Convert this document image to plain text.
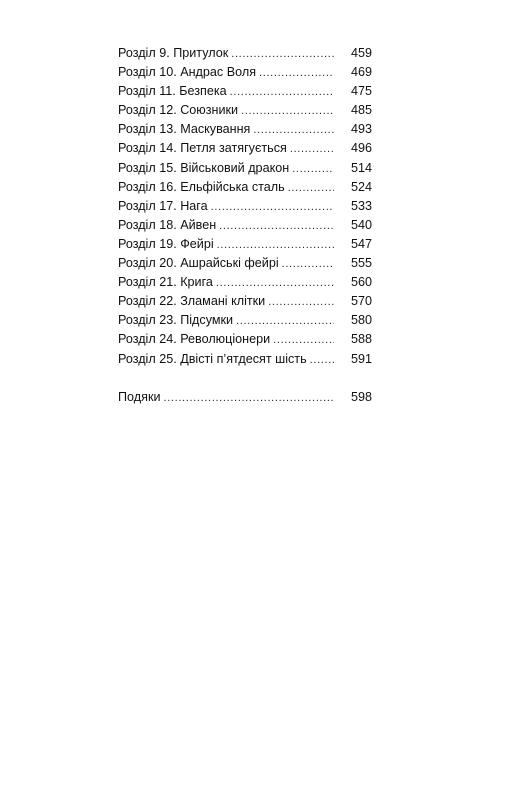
Розділ 9. Притулок . . .	459
Розділ 10. Андрас Воля . . .	469
Розділ 11. Безпека . . .	475
Розділ 12. Союзники . . .	485
Розділ 13. Маскування . . .	493
Розділ 14. Петля затягується . . .	496
Розділ 15. Військовий дракон . . .	514
Розділ 16. Ельфійська сталь . . .	524
Розділ 17. Нага . . .	533
Розділ 18. Айвен . . .	540
Розділ 19. Фейрі . . .	547
Розділ 20. Ашрайські фейрі . . .	555
Розділ 21. Крига . . .	560
Розділ 22. Зламані клітки . . .	570
Розділ 23. Підсумки . . .	580
Розділ 24. Революціонери . . .	588
Розділ 25. Двісті п’ятдесят шість . . .	591
Подяки . . .	598
